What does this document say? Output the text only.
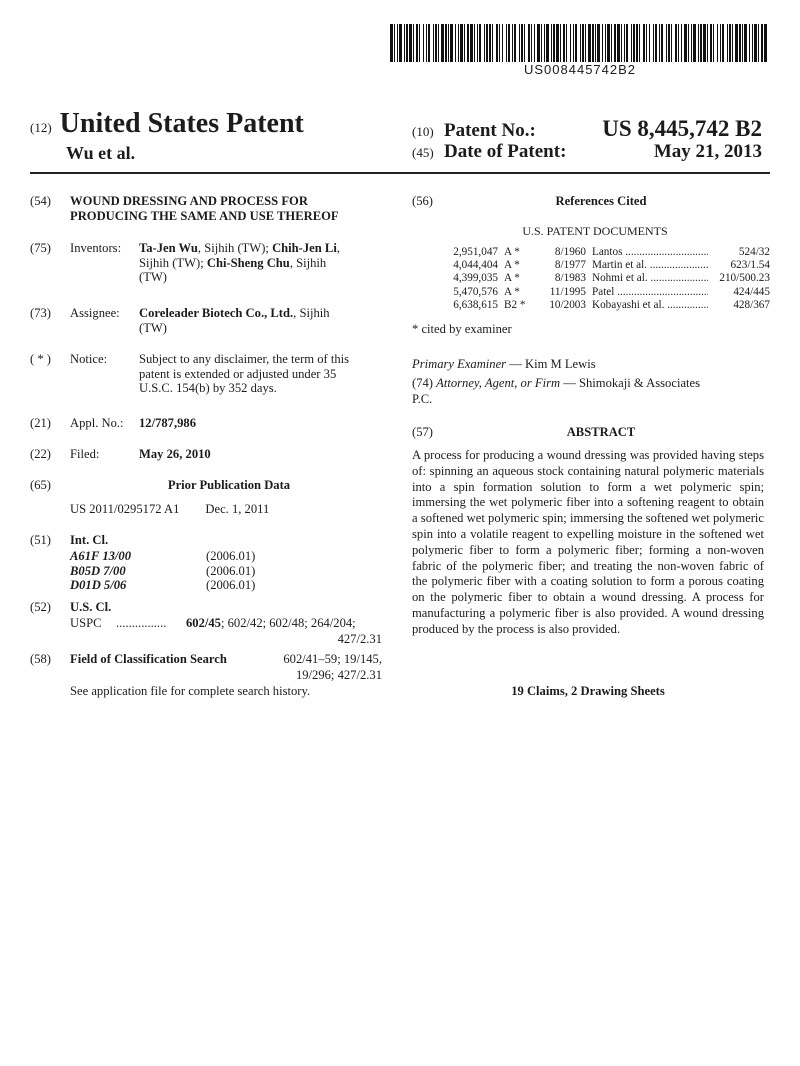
US008445742B2
(12) United States Patent
Wu et al.
(10) Patent No.:	US 8,445,742 B2
(45) Date of Patent:	May 21, 2013
(54) WOUND DRESSING AND PROCESS FOR
PRODUCING THE SAME AND USE THEREOF
(75) Inventors: Ta-Jen Wu, Sijhih (TW); Chih-Jen Li,
Sijhih (TW); Chi-Sheng Chu, Sijhih
(TW)
(73) Assignee: Coreleader Biotech Co., Ltd., Sijhih
(TW)
( * ) Notice:	Subject to any disclaimer, the term of this
patent is extended or adjusted under 35
U.S.C. 154(b) by 352 days.
(21) Appl. No.: 12/787,986
(22) Filed:	May 26, 2010
(65)	Prior Publication Data
US 2011/0295172 A1 Dec. 1, 2011
(51) Int. Cl.
A61F 13/00	(2006.01)
B05D 7/00	(2006.01)
D01D 5/06	(2006.01)
(52) U.S. Cl.
USPC ................ 602/45; 602/42; 602/48; 264/204;
427/2.31
(58) Field of Classification Search	602/41–59; 19/145,
19/296; 427/2.31
See application file for complete search history.
(56)	References Cited
U.S. PATENT DOCUMENTS
2,951,047 A *	8/1960 Lantos .....	524/32
4,044,404 A *	8/1977 Martin et al. .....	623/1.54
4,399,035 A *	8/1983 Nohmi et al. .....	210/500.23
5,470,576 A *	11/1995 Patel .....	424/445
6,638,615 B2 *	10/2003 Kobayashi et al. .....	428/367
* cited by examiner
Primary Examiner — Kim M Lewis
(74) Attorney, Agent, or Firm — Shimokaji & Associates
P.C.
(57)	ABSTRACT
A process for producing a wound dressing was provided having steps of: spinning an aqueous stock containing natural polymeric materials into a spin formation solution to form a wet polymeric spin; immersing the wet polymeric fiber into a softening reagent to obtain a softened wet polymeric spin; immersing the softened wet polymeric spin into a volatile reagent to expelling moisture in the softened wet polymeric fiber to form a polymeric fiber; forming a non-woven fabric of the polymeric fiber; and treating the non-woven fabric of the polymeric fiber with a coating solution to form a porous coating on the polymeric fiber to obtain a wound dressing. A process for manufacturing a polymeric fiber is also provided. A wound dressing produced by the process is also provided.
19 Claims, 2 Drawing Sheets
